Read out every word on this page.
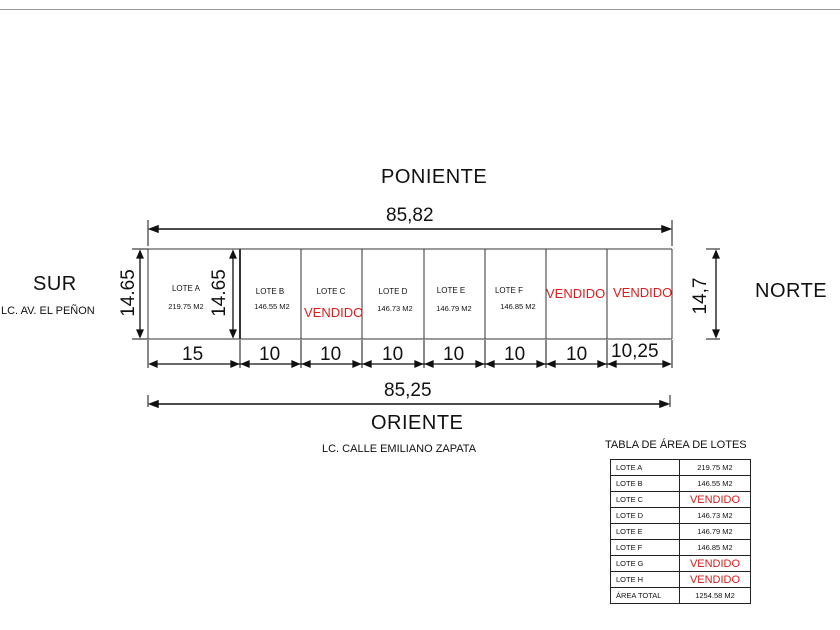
PONIENTE
ORIENTE
SUR	NORTE
LC. AV. EL PEÑON
LC. CALLE EMILIANO ZAPATA
85,82
85,25
14.65	14.65	14,7
15	10 10 10 10 10 10 10,25
LOTE A
219.75 M2
LOTE B
146.55 M2
LOTE C
VENDIDO
LOTE D
146.73 M2
LOTE E
146.79 M2
LOTE F
146.85 M2
VENDIDO VENDIDO
TABLA DE ÁREA DE LOTES
LOTE A	219.75 M2
LOTE B	146.55 M2
LOTE C	VENDIDO
LOTE D	146.73 M2
LOTE E	146.79 M2
LOTE F	146.85 M2
LOTE G	VENDIDO
LOTE H	VENDIDO
ÁREA TOTAL	1254.58 M2
